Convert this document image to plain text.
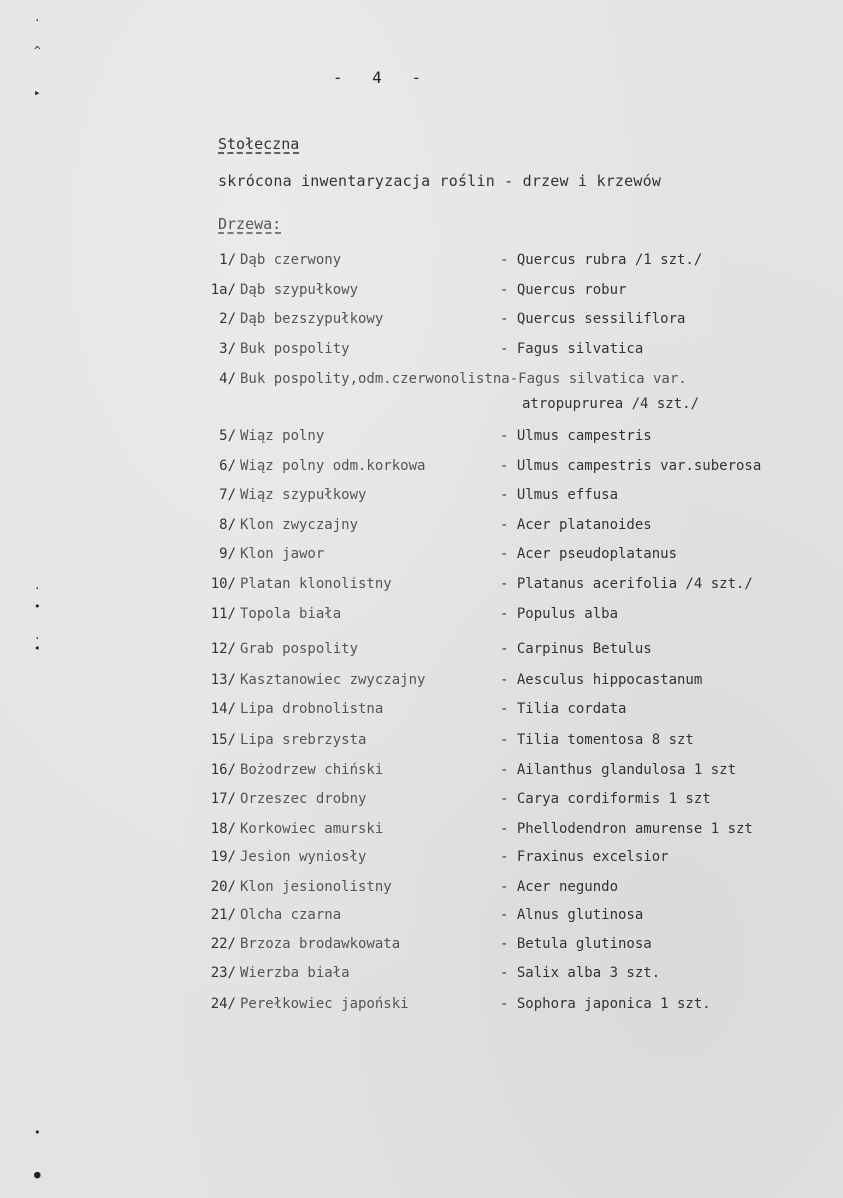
·
^
▸
·
•
·
•
•
●
- 4 -
Stołeczna
skrócona inwentaryzacja roślin - drzew i krzewów
Drzewa:
1/ Dąb czerwony	- Quercus rubra /1 szt./
1a/ Dąb szypułkowy	- Quercus robur
2/ Dąb bezszypułkowy	- Quercus sessiliflora
3/ Buk pospolity	- Fagus silvatica
4/ Buk pospolity,odm.czerwonolistna-Fagus silvatica var.
atropuprurea /4 szt./
5/ Wiąz polny	- Ulmus campestris
6/ Wiąz polny odm.korkowa	- Ulmus campestris var.suberosa
7/ Wiąz szypułkowy	- Ulmus effusa
8/ Klon zwyczajny	- Acer platanoides
9/ Klon jawor	- Acer pseudoplatanus
10/ Platan klonolistny	- Platanus acerifolia /4 szt./
11/ Topola biała	- Populus alba
12/ Grab pospolity	- Carpinus Betulus
13/ Kasztanowiec zwyczajny	- Aesculus hippocastanum
14/ Lipa drobnolistna	- Tilia cordata
15/ Lipa srebrzysta	- Tilia tomentosa 8 szt
16/ Bożodrzew chiński	- Ailanthus glandulosa 1 szt
17/ Orzeszec drobny	- Carya cordiformis 1 szt
18/ Korkowiec amurski	- Phellodendron amurense 1 szt
19/ Jesion wyniosły	- Fraxinus excelsior
20/ Klon jesionolistny	- Acer negundo
21/ Olcha czarna	- Alnus glutinosa
22/ Brzoza brodawkowata	- Betula glutinosa
23/ Wierzba biała	- Salix alba 3 szt.
24/ Perełkowiec japoński	- Sophora japonica 1 szt.
